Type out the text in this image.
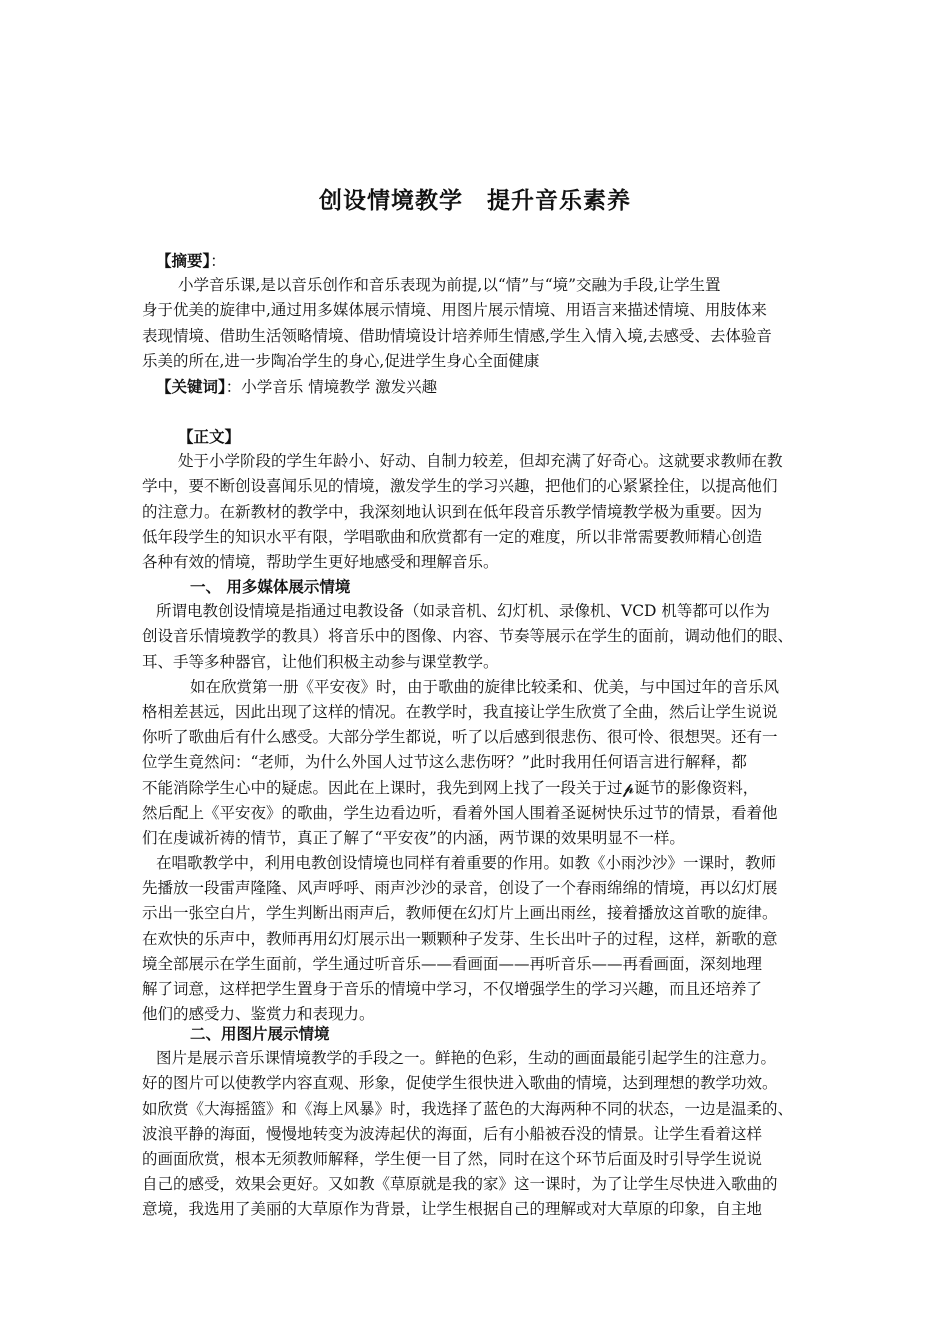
创设情境教学　提升音乐素养
【摘要】：
小学音乐课,是以音乐创作和音乐表现为前提,以“情”与“境”交融为手段,让学生置
身于优美的旋律中,通过用多媒体展示情境、用图片展示情境、用语言来描述情境、用肢体来
表现情境、借助生活领略情境、借助情境设计培养师生情感,学生入情入境,去感受、去体验音
乐美的所在,进一步陶冶学生的身心,促进学生身心全面健康
【关键词】：小学音乐 情境教学 激发兴趣
【正文】
处于小学阶段的学生年龄小、好动、自制力较差，但却充满了好奇心。这就要求教师在教
学中，要不断创设喜闻乐见的情境，激发学生的学习兴趣，把他们的心紧紧拴住，以提高他们
的注意力。在新教材的教学中，我深刻地认识到在低年段音乐教学情境教学极为重要。因为
低年段学生的知识水平有限，学唱歌曲和欣赏都有一定的难度，所以非常需要教师精心创造
各种有效的情境，帮助学生更好地感受和理解音乐。
一、 用多媒体展示情境
所谓电教创设情境是指通过电教设备（如录音机、幻灯机、录像机、VCD 机等都可以作为
创设音乐情境教学的教具）将音乐中的图像、内容、节奏等展示在学生的面前，调动他们的眼、
耳、手等多种器官，让他们积极主动参与课堂教学。
如在欣赏第一册《平安夜》时，由于歌曲的旋律比较柔和、优美，与中国过年的音乐风
格相差甚远，因此出现了这样的情况。在教学时，我直接让学生欣赏了全曲，然后让学生说说
你听了歌曲后有什么感受。大部分学生都说，听了以后感到很悲伤、很可怜、很想哭。还有一
位学生竟然问：“老师，为什么外国人过节这么悲伤呀？”此时我用任何语言进行解释，都
不能消除学生心中的疑虑。因此在上课时，我先到网上找了一段关于过𝓹诞节的影像资料，
然后配上《平安夜》的歌曲，学生边看边听，看着外国人围着圣诞树快乐过节的情景，看着他
们在虔诚祈祷的情节，真正了解了“平安夜”的内涵，两节课的效果明显不一样。
在唱歌教学中，利用电教创设情境也同样有着重要的作用。如教《小雨沙沙》一课时，教师
先播放一段雷声隆隆、风声呼呼、雨声沙沙的录音，创设了一个春雨绵绵的情境，再以幻灯展
示出一张空白片，学生判断出雨声后，教师便在幻灯片上画出雨丝，接着播放这首歌的旋律。
在欢快的乐声中，教师再用幻灯展示出一颗颗种子发芽、生长出叶子的过程，这样，新歌的意
境全部展示在学生面前，学生通过听音乐——看画面——再听音乐——再看画面，深刻地理
解了词意，这样把学生置身于音乐的情境中学习，不仅增强学生的学习兴趣，而且还培养了
他们的感受力、鉴赏力和表现力。
二、用图片展示情境
图片是展示音乐课情境教学的手段之一。鲜艳的色彩，生动的画面最能引起学生的注意力。
好的图片可以使教学内容直观、形象，促使学生很快进入歌曲的情境，达到理想的教学功效。
如欣赏《大海摇篮》和《海上风暴》时，我选择了蓝色的大海两种不同的状态，一边是温柔的、
波浪平静的海面，慢慢地转变为波涛起伏的海面，后有小船被吞没的情景。让学生看着这样
的画面欣赏，根本无须教师解释，学生便一目了然，同时在这个环节后面及时引导学生说说
自己的感受，效果会更好。又如教《草原就是我的家》这一课时，为了让学生尽快进入歌曲的
意境，我选用了美丽的大草原作为背景，让学生根据自己的理解或对大草原的印象，自主地
